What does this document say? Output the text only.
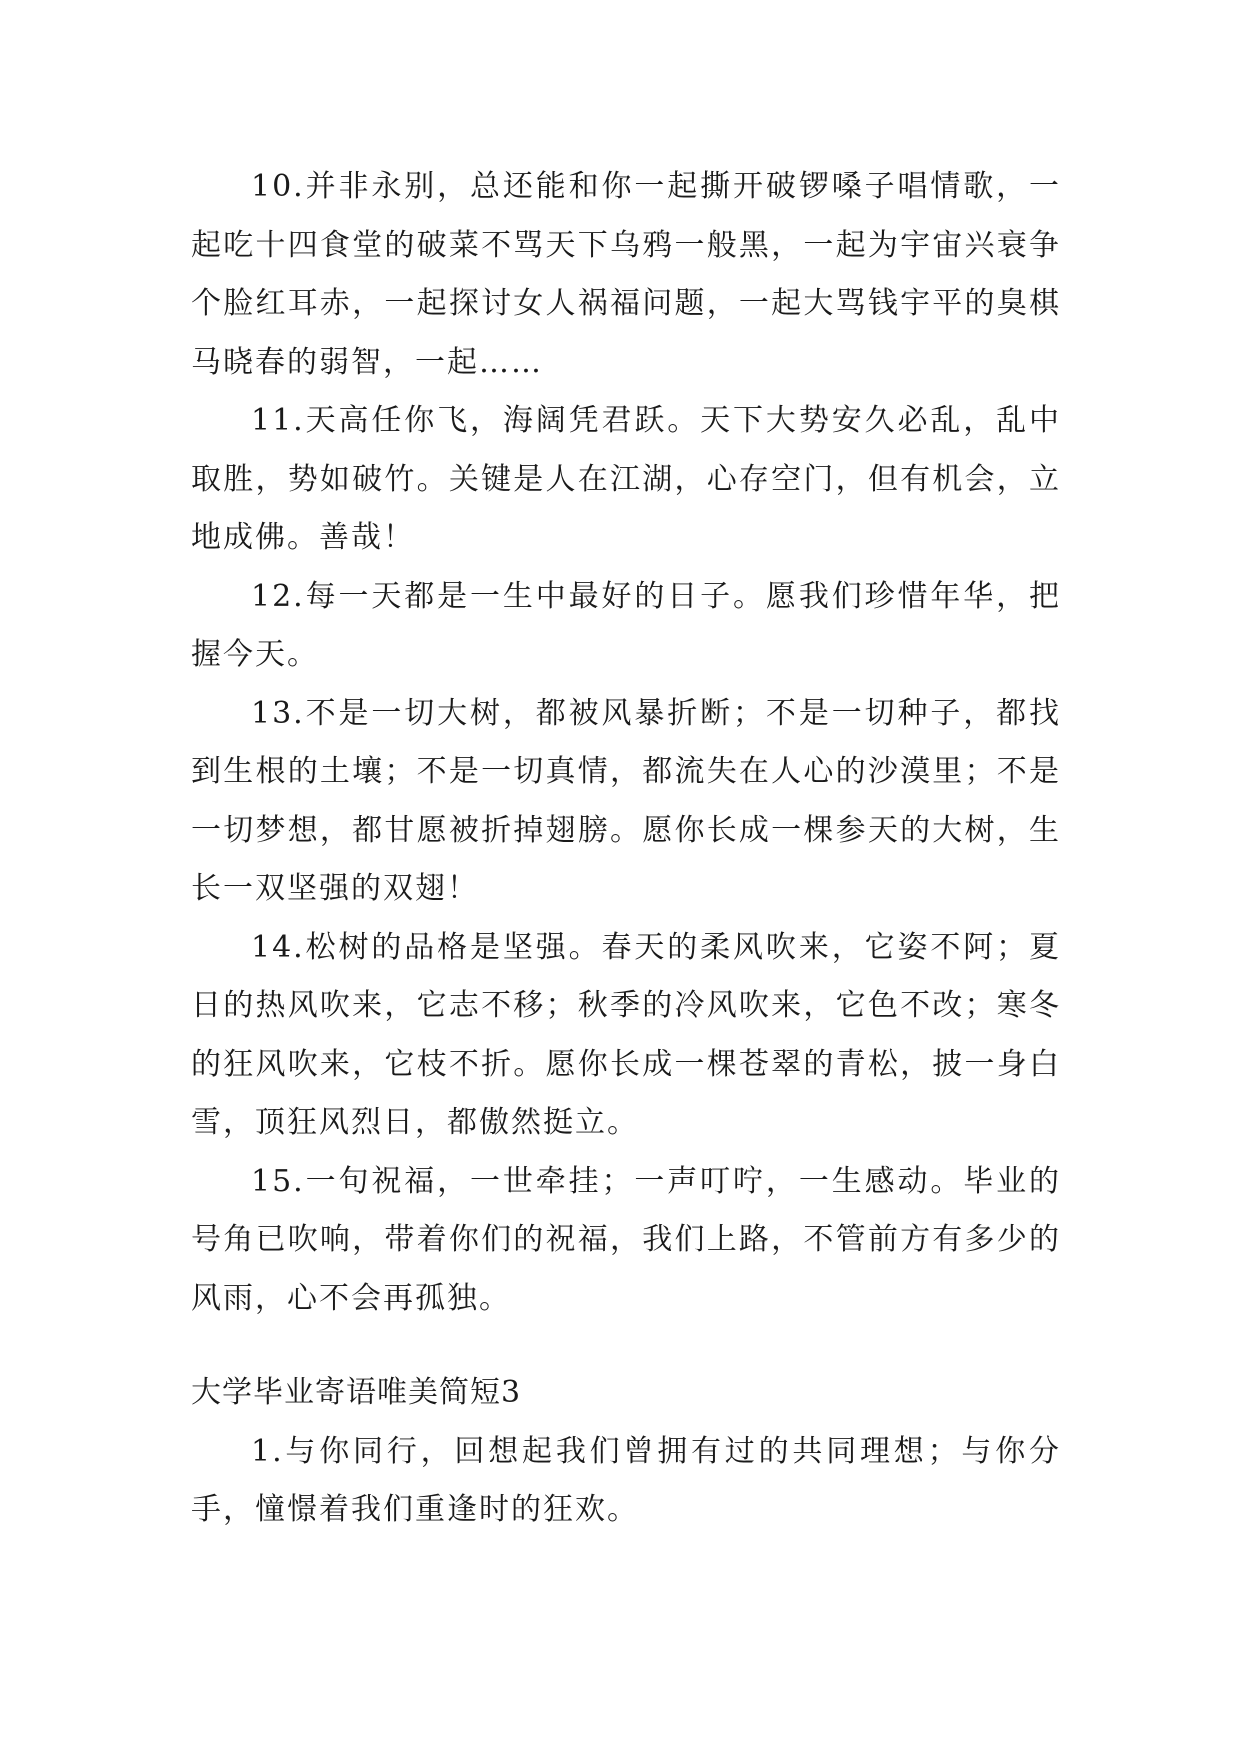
10.并非永别，总还能和你一起撕开破锣嗓子唱情歌，一起吃十四食堂的破菜不骂天下乌鸦一般黑，一起为宇宙兴衰争个脸红耳赤，一起探讨女人祸福问题，一起大骂钱宇平的臭棋马晓春的弱智，一起……

11.天高任你飞，海阔凭君跃。天下大势安久必乱，乱中取胜，势如破竹。关键是人在江湖，心存空门，但有机会，立地成佛。善哉！

12.每一天都是一生中最好的日子。愿我们珍惜年华，把握今天。

13.不是一切大树，都被风暴折断；不是一切种子，都找到生根的土壤；不是一切真情，都流失在人心的沙漠里；不是一切梦想，都甘愿被折掉翅膀。愿你长成一棵参天的大树，生长一双坚强的双翅！

14.松树的品格是坚强。春天的柔风吹来，它姿不阿；夏日的热风吹来，它志不移；秋季的冷风吹来，它色不改；寒冬的狂风吹来，它枝不折。愿你长成一棵苍翠的青松，披一身白雪，顶狂风烈日，都傲然挺立。

15.一句祝福，一世牵挂；一声叮咛，一生感动。毕业的号角已吹响，带着你们的祝福，我们上路，不管前方有多少的风雨，心不会再孤独。

大学毕业寄语唯美简短3

1.与你同行，回想起我们曾拥有过的共同理想；与你分手，憧憬着我们重逢时的狂欢。
